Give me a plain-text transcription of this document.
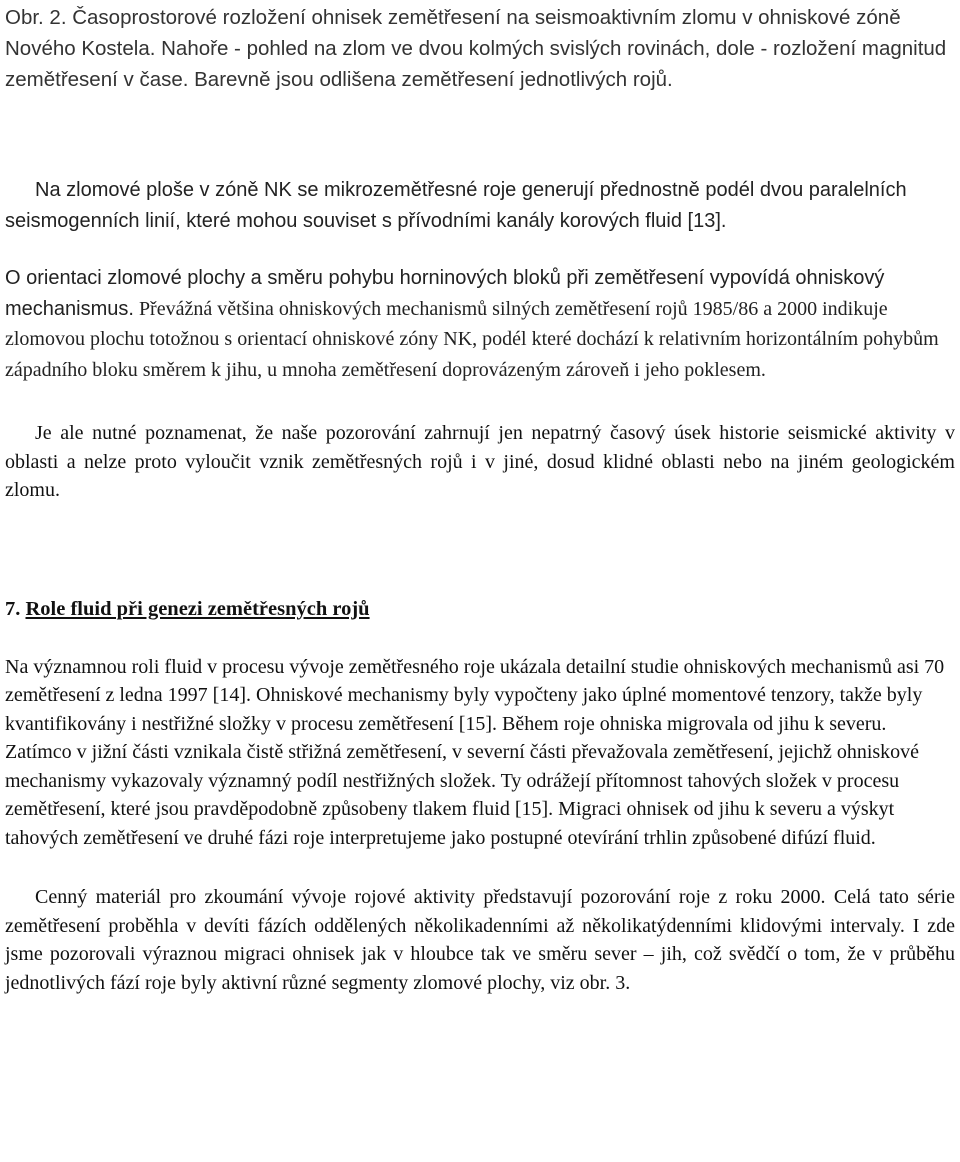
Obr. 2. Časoprostorové rozložení ohnisek zemětřesení na seismoaktivním zlomu v ohniskové zóně Nového Kostela. Nahoře - pohled na zlom ve dvou kolmých svislých rovinách, dole - rozložení magnitud zemětřesení v čase. Barevně jsou odlišena zemětřesení jednotlivých rojů.

Na zlomové ploše v zóně NK se mikrozemětřesné roje generují přednostně podél dvou paralelních seismogenních linií, které mohou souviset s přívodními kanály korových fluid [13].

O orientaci zlomové plochy a směru pohybu horninových bloků při zemětřesení vypovídá ohniskový mechanismus. Převážná většina ohniskových mechanismů silných zemětřesení rojů 1985/86 a 2000 indikuje zlomovou plochu totožnou s orientací ohniskové zóny NK, podél které dochází k relativním horizontálním pohybům západního bloku směrem k jihu, u mnoha zemětřesení doprovázeným zároveň i jeho poklesem.

Je ale nutné poznamenat, že naše pozorování zahrnují jen nepatrný časový úsek historie seismické aktivity v oblasti a nelze proto vyloučit vznik zemětřesných rojů i v jiné, dosud klidné oblasti nebo na jiném geologickém zlomu.

7. Role fluid při genezi zemětřesných rojů

Na významnou roli fluid v procesu vývoje zemětřesného roje ukázala detailní studie ohniskových mechanismů asi 70 zemětřesení z ledna 1997 [14]. Ohniskové mechanismy byly vypočteny jako úplné momentové tenzory, takže byly kvantifikovány i nestřižné složky v procesu zemětřesení [15]. Během roje ohniska migrovala od jihu k severu. Zatímco v jižní části vznikala čistě střižná zemětřesení, v severní části převažovala zemětřesení, jejichž ohniskové mechanismy vykazovaly významný podíl nestřižných složek. Ty odrážejí přítomnost tahových složek v procesu zemětřesení, které jsou pravděpodobně způsobeny tlakem fluid [15]. Migraci ohnisek od jihu k severu a výskyt tahových zemětřesení ve druhé fázi roje interpretujeme jako postupné otevírání trhlin způsobené difúzí fluid.

Cenný materiál pro zkoumání vývoje rojové aktivity představují pozorování roje z roku 2000. Celá tato série zemětřesení proběhla v devíti fázích oddělených několikadenními až několikatýdenními klidovými intervaly. I zde jsme pozorovali výraznou migraci ohnisek jak v hloubce tak ve směru sever – jih, což svědčí o tom, že v průběhu jednotlivých fází roje byly aktivní různé segmenty zlomové plochy, viz obr. 3.
